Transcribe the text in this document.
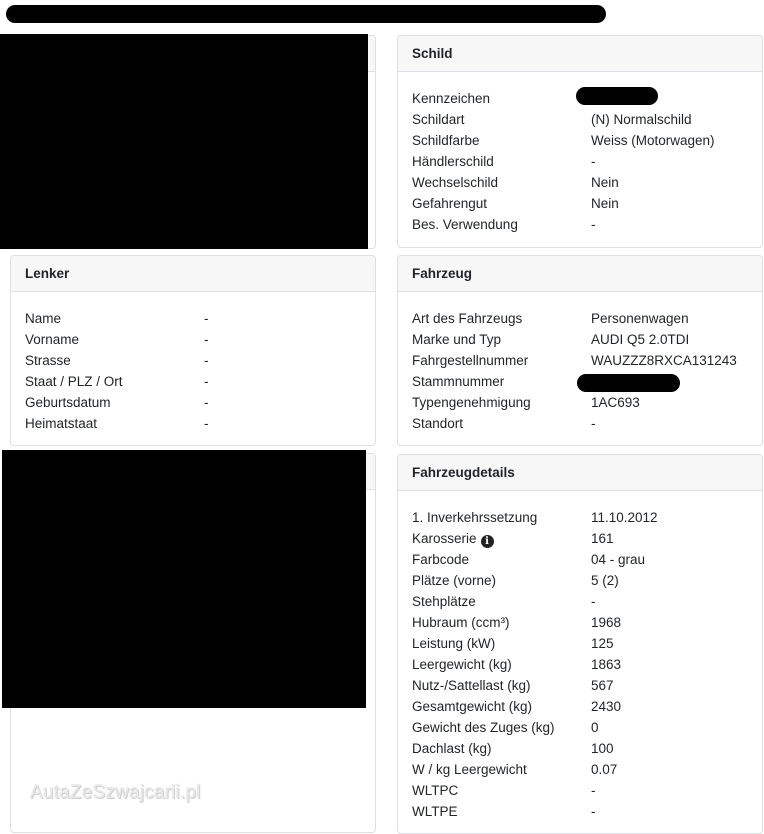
Schild
Kennzeichen
Schildart	(N) Normalschild
Schildfarbe	Weiss (Motorwagen)
Händlerschild	-
Wechselschild	Nein
Gefahrengut	Nein
Bes. Verwendung	-
Lenker
Name	-
Vorname	-
Strasse	-
Staat / PLZ / Ort	-
Geburtsdatum	-
Heimatstaat	-
Fahrzeug
Art des Fahrzeugs	Personenwagen
Marke und Typ	AUDI Q5 2.0TDI
Fahrgestellnummer	WAUZZZ8RXCA131243
Stammnummer
Typengenehmigung	1AC693
Standort	-
Fahrzeugdetails
1. Inverkehrssetzung	11.10.2012
Karosserie i	161
Farbcode	04 - grau
Plätze (vorne)	5 (2)
Stehplätze	-
Hubraum (ccm³)	1968
Leistung (kW)	125
Leergewicht (kg)	1863
Nutz-/Sattellast (kg)	567
Gesamtgewicht (kg)	2430
Gewicht des Zuges (kg)	0
Dachlast (kg)	100
W / kg Leergewicht	0.07
WLTPC	-
WLTPE	-
AutaZeSzwajcarii.pl
